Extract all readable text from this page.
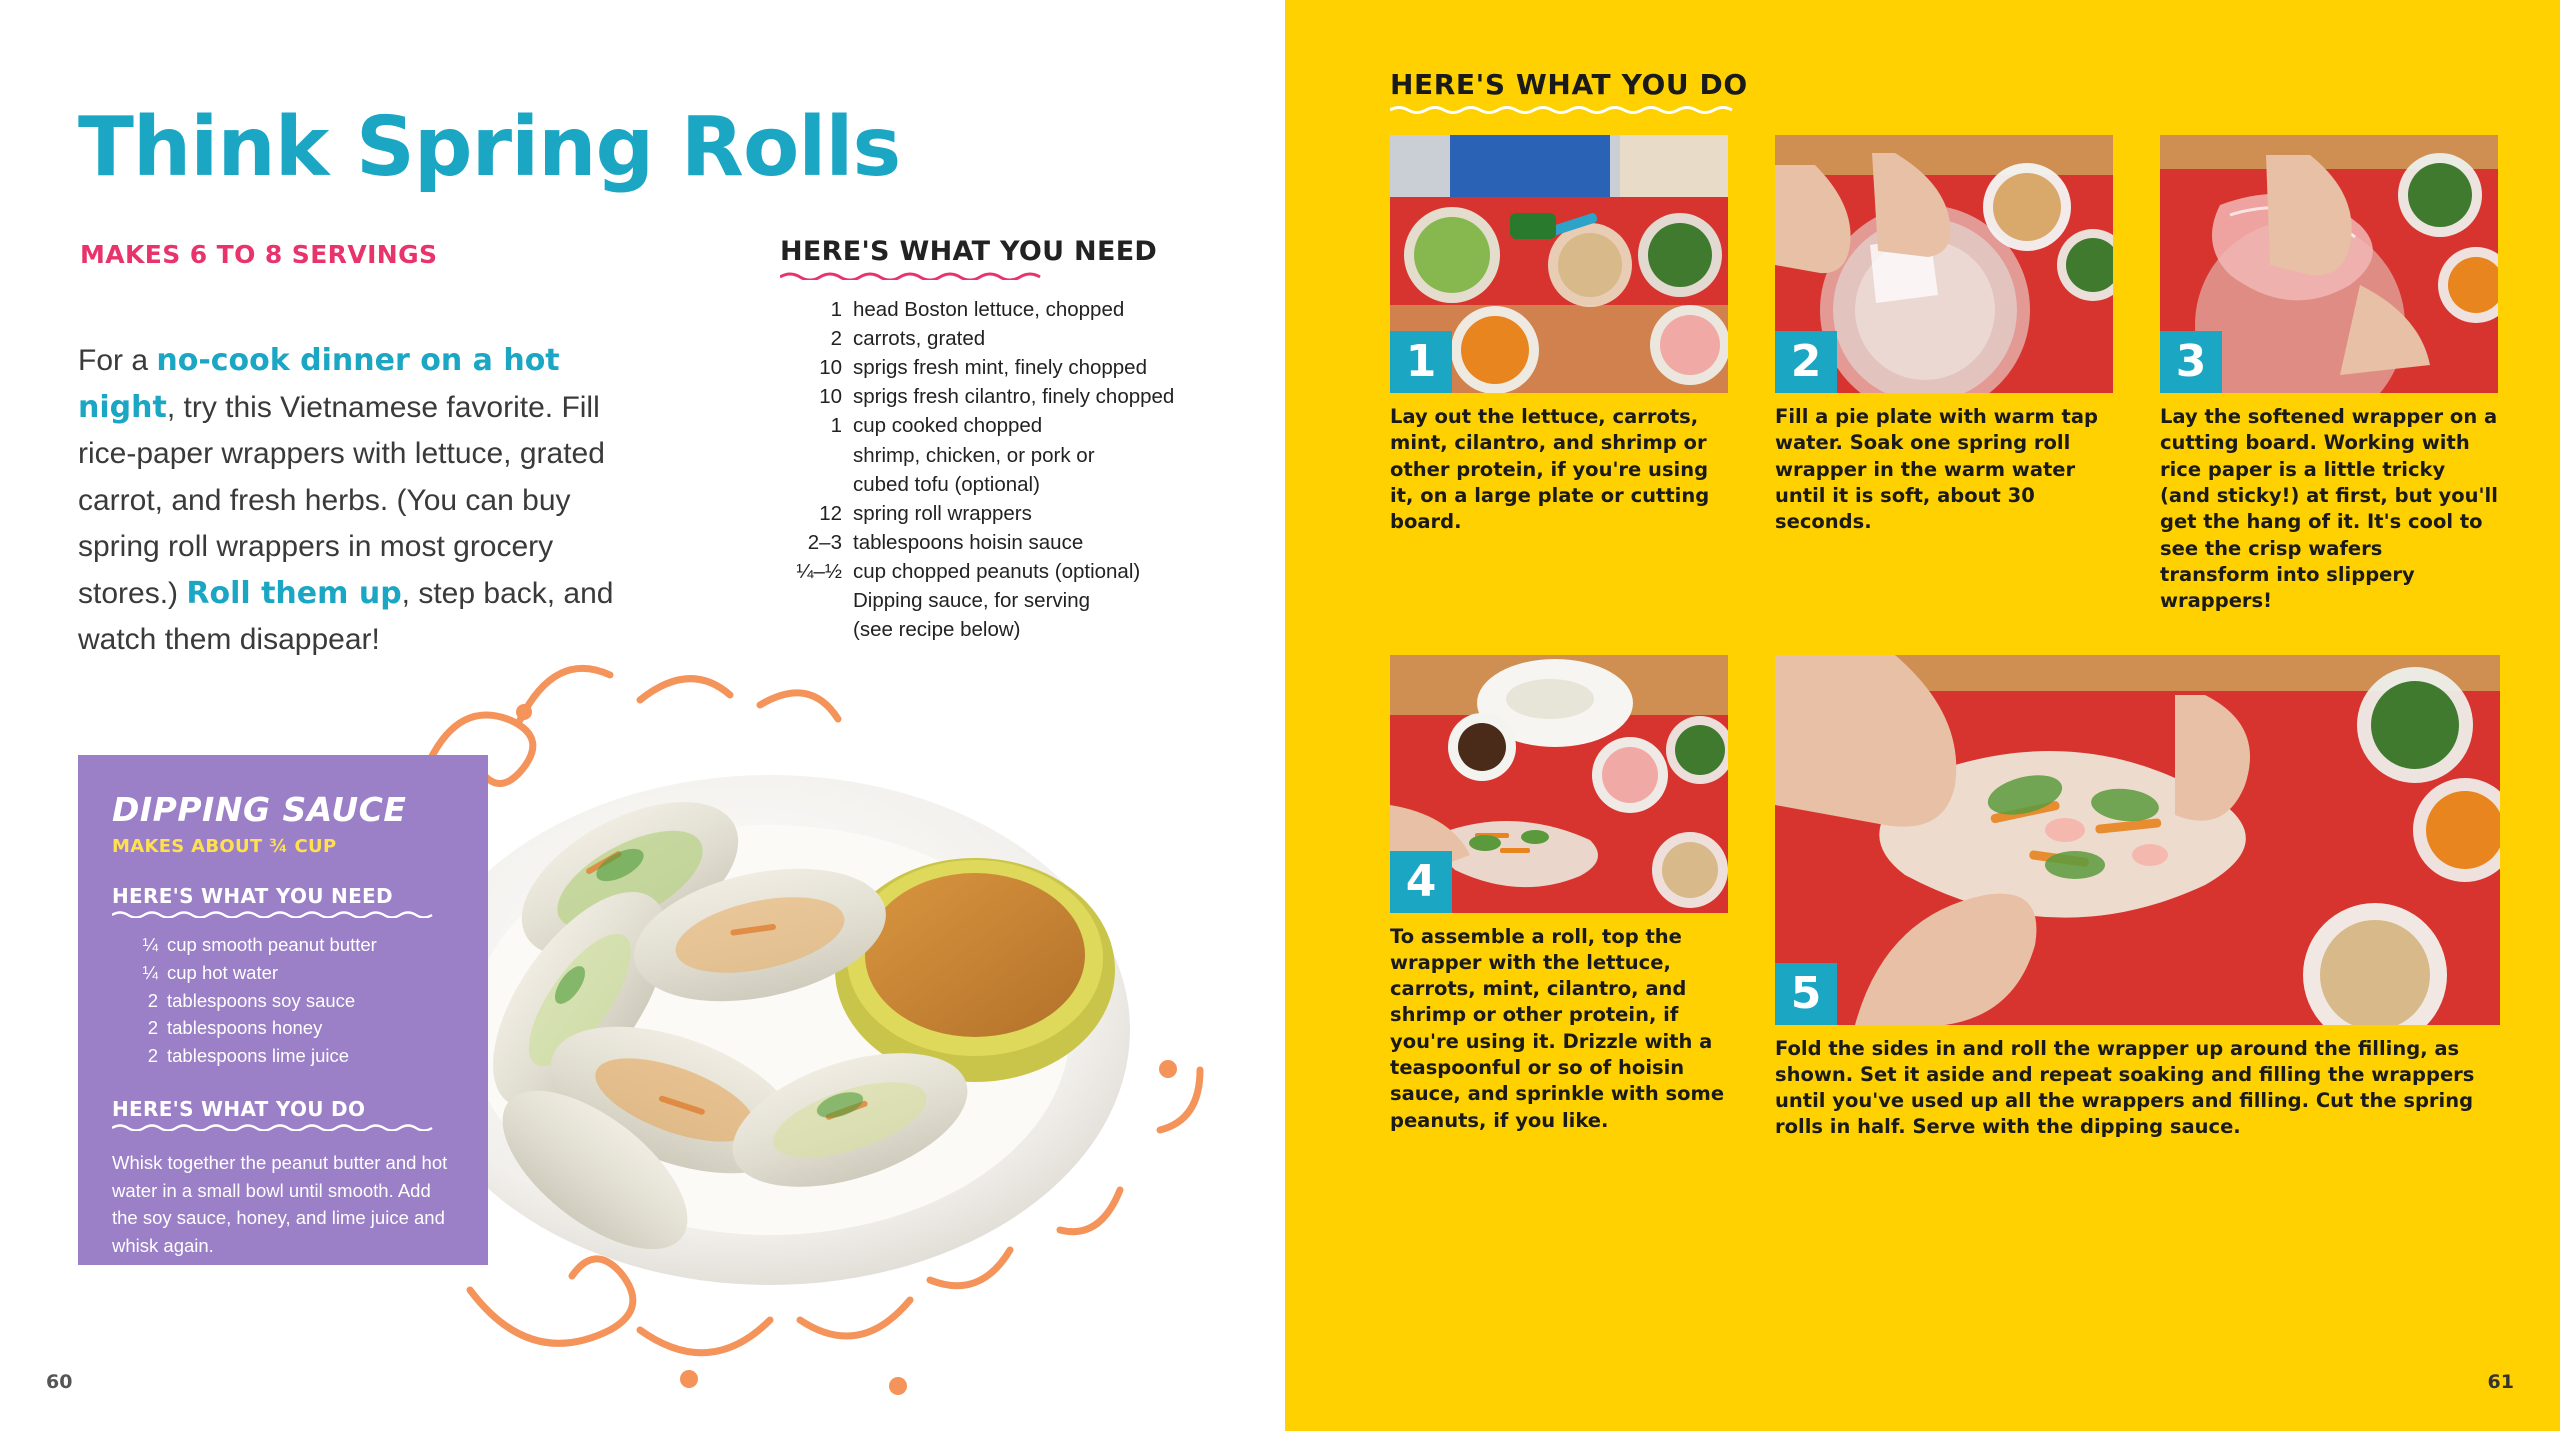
Think Spring Rolls
MAKES 6 TO 8 SERVINGS

For a no-cook dinner on a hot night, try this Vietnamese favorite. Fill rice-paper wrappers with lettuce, grated carrot, and fresh herbs. (You can buy spring roll wrappers in most grocery stores.) Roll them up, step back, and watch them disappear!

HERE'S WHAT YOU NEED
1 head Boston lettuce, chopped
2 carrots, grated
10 sprigs fresh mint, finely chopped
10 sprigs fresh cilantro, finely chopped
1 cup cooked chopped
shrimp, chicken, or pork or
cubed tofu (optional)
12 spring roll wrappers
2–3 tablespoons hoisin sauce
¼–½ cup chopped peanuts (optional)
Dipping sauce, for serving
(see recipe below)
DIPPING SAUCE
MAKES ABOUT ¾ CUP
HERE'S WHAT YOU NEED
¼ cup smooth peanut butter
¼ cup hot water
2 tablespoons soy sauce
2 tablespoons honey
2 tablespoons lime juice
HERE'S WHAT YOU DO

Whisk together the peanut butter and hot water in a small bowl until smooth. Add the soy sauce, honey, and lime juice and whisk again.

60
HERE'S WHAT YOU DO
1
Lay out the lettuce, carrots, mint, cilantro, and shrimp or other protein, if you're using it, on a large plate or cutting board.
2
Fill a pie plate with warm tap water. Soak one spring roll wrapper in the warm water until it is soft, about 30 seconds.
3
Lay the softened wrapper on a cutting board. Working with rice paper is a little tricky (and sticky!) at first, but you'll get the hang of it. It's cool to see the crisp wafers transform into slippery wrappers!
4
To assemble a roll, top the wrapper with the lettuce, carrots, mint, cilantro, and shrimp or other protein, if you're using it. Drizzle with a teaspoonful or so of hoisin sauce, and sprinkle with some peanuts, if you like.
5
Fold the sides in and roll the wrapper up around the filling, as shown. Set it aside and repeat soaking and filling the wrappers until you've used up all the wrappers and filling. Cut the spring rolls in half. Serve with the dipping sauce.
61
